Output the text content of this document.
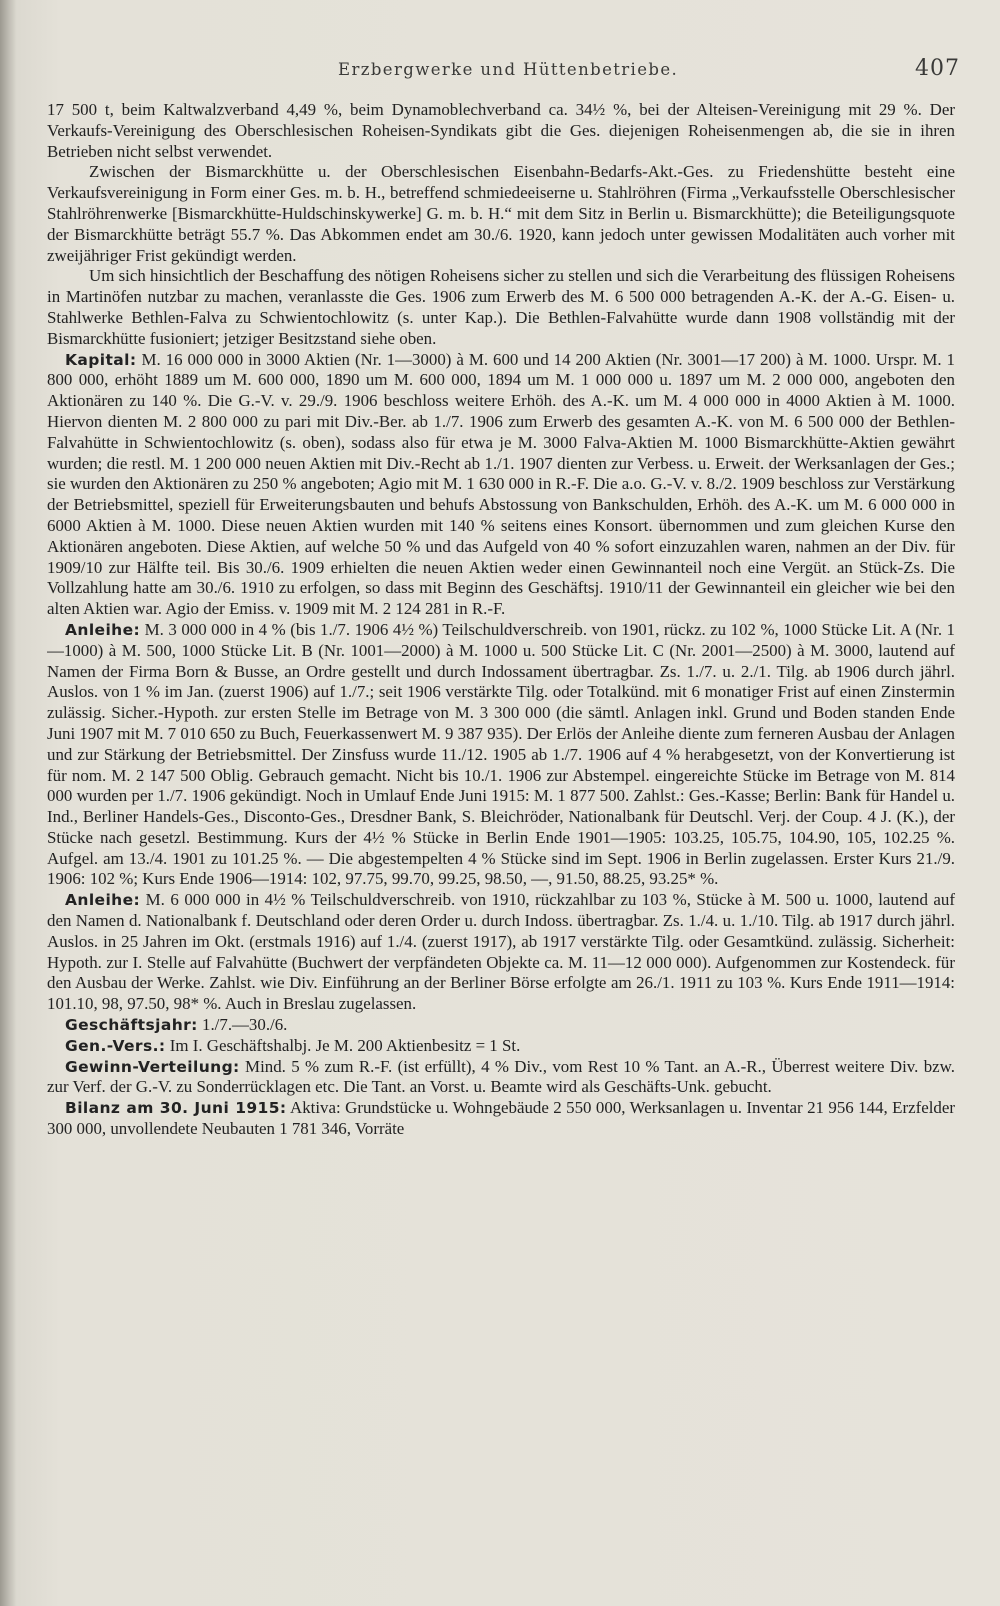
Erzbergwerke und Hüttenbetriebe.	407

17 500 t, beim Kaltwalzverband 4,49 %, beim Dynamoblechverband ca. 34½ %, bei der Alteisen-Vereinigung mit 29 %. Der Verkaufs-Vereinigung des Oberschlesischen Roheisen-Syndikats gibt die Ges. diejenigen Roheisenmengen ab, die sie in ihren Betrieben nicht selbst verwendet.

Zwischen der Bismarckhütte u. der Oberschlesischen Eisenbahn-Bedarfs-Akt.-Ges. zu Friedenshütte besteht eine Verkaufsvereinigung in Form einer Ges. m. b. H., betreffend schmiedeeiserne u. Stahlröhren (Firma „Verkaufsstelle Oberschlesischer Stahlröhrenwerke [Bismarckhütte-Huldschinskywerke] G. m. b. H.“ mit dem Sitz in Berlin u. Bismarckhütte); die Beteiligungsquote der Bismarckhütte beträgt 55.7 %. Das Abkommen endet am 30./6. 1920, kann jedoch unter gewissen Modalitäten auch vorher mit zweijähriger Frist gekündigt werden.

Um sich hinsichtlich der Beschaffung des nötigen Roheisens sicher zu stellen und sich die Verarbeitung des flüssigen Roheisens in Martinöfen nutzbar zu machen, veranlasste die Ges. 1906 zum Erwerb des M. 6 500 000 betragenden A.-K. der A.-G. Eisen- u. Stahlwerke Bethlen-Falva zu Schwientochlowitz (s. unter Kap.). Die Bethlen-Falvahütte wurde dann 1908 vollständig mit der Bismarckhütte fusioniert; jetziger Besitzstand siehe oben.

Kapital: M. 16 000 000 in 3000 Aktien (Nr. 1—3000) à M. 600 und 14 200 Aktien (Nr. 3001—17 200) à M. 1000. Urspr. M. 1 800 000, erhöht 1889 um M. 600 000, 1890 um M. 600 000, 1894 um M. 1 000 000 u. 1897 um M. 2 000 000, angeboten den Aktionären zu 140 %. Die G.-V. v. 29./9. 1906 beschloss weitere Erhöh. des A.-K. um M. 4 000 000 in 4000 Aktien à M. 1000. Hiervon dienten M. 2 800 000 zu pari mit Div.-Ber. ab 1./7. 1906 zum Erwerb des gesamten A.-K. von M. 6 500 000 der Bethlen-Falvahütte in Schwientochlowitz (s. oben), sodass also für etwa je M. 3000 Falva-Aktien M. 1000 Bismarckhütte-Aktien gewährt wurden; die restl. M. 1 200 000 neuen Aktien mit Div.-Recht ab 1./1. 1907 dienten zur Verbess. u. Erweit. der Werksanlagen der Ges.; sie wurden den Aktionären zu 250 % angeboten; Agio mit M. 1 630 000 in R.-F. Die a.o. G.-V. v. 8./2. 1909 beschloss zur Verstärkung der Betriebsmittel, speziell für Erweiterungsbauten und behufs Abstossung von Bankschulden, Erhöh. des A.-K. um M. 6 000 000 in 6000 Aktien à M. 1000. Diese neuen Aktien wurden mit 140 % seitens eines Konsort. übernommen und zum gleichen Kurse den Aktionären angeboten. Diese Aktien, auf welche 50 % und das Aufgeld von 40 % sofort einzuzahlen waren, nahmen an der Div. für 1909/10 zur Hälfte teil. Bis 30./6. 1909 erhielten die neuen Aktien weder einen Gewinnanteil noch eine Vergüt. an Stück-Zs. Die Vollzahlung hatte am 30./6. 1910 zu erfolgen, so dass mit Beginn des Geschäftsj. 1910/11 der Gewinnanteil ein gleicher wie bei den alten Aktien war. Agio der Emiss. v. 1909 mit M. 2 124 281 in R.-F.

Anleihe: M. 3 000 000 in 4 % (bis 1./7. 1906 4½ %) Teilschuldverschreib. von 1901, rückz. zu 102 %, 1000 Stücke Lit. A (Nr. 1—1000) à M. 500, 1000 Stücke Lit. B (Nr. 1001—2000) à M. 1000 u. 500 Stücke Lit. C (Nr. 2001—2500) à M. 3000, lautend auf Namen der Firma Born & Busse, an Ordre gestellt und durch Indossament übertragbar. Zs. 1./7. u. 2./1. Tilg. ab 1906 durch jährl. Auslos. von 1 % im Jan. (zuerst 1906) auf 1./7.; seit 1906 verstärkte Tilg. oder Totalkünd. mit 6 monatiger Frist auf einen Zinstermin zulässig. Sicher.-Hypoth. zur ersten Stelle im Betrage von M. 3 300 000 (die sämtl. Anlagen inkl. Grund und Boden standen Ende Juni 1907 mit M. 7 010 650 zu Buch, Feuerkassenwert M. 9 387 935). Der Erlös der Anleihe diente zum ferneren Ausbau der Anlagen und zur Stärkung der Betriebsmittel. Der Zinsfuss wurde 11./12. 1905 ab 1./7. 1906 auf 4 % herabgesetzt, von der Konvertierung ist für nom. M. 2 147 500 Oblig. Gebrauch gemacht. Nicht bis 10./1. 1906 zur Abstempel. eingereichte Stücke im Betrage von M. 814 000 wurden per 1./7. 1906 gekündigt. Noch in Umlauf Ende Juni 1915: M. 1 877 500. Zahlst.: Ges.-Kasse; Berlin: Bank für Handel u. Ind., Berliner Handels-Ges., Disconto-Ges., Dresdner Bank, S. Bleichröder, Nationalbank für Deutschl. Verj. der Coup. 4 J. (K.), der Stücke nach gesetzl. Bestimmung. Kurs der 4½ % Stücke in Berlin Ende 1901—1905: 103.25, 105.75, 104.90, 105, 102.25 %. Aufgel. am 13./4. 1901 zu 101.25 %. — Die abgestempelten 4 % Stücke sind im Sept. 1906 in Berlin zugelassen. Erster Kurs 21./9. 1906: 102 %; Kurs Ende 1906—1914: 102, 97.75, 99.70, 99.25, 98.50, —, 91.50, 88.25, 93.25* %.

Anleihe: M. 6 000 000 in 4½ % Teilschuldverschreib. von 1910, rückzahlbar zu 103 %, Stücke à M. 500 u. 1000, lautend auf den Namen d. Nationalbank f. Deutschland oder deren Order u. durch Indoss. übertragbar. Zs. 1./4. u. 1./10. Tilg. ab 1917 durch jährl. Auslos. in 25 Jahren im Okt. (erstmals 1916) auf 1./4. (zuerst 1917), ab 1917 verstärkte Tilg. oder Gesamtkünd. zulässig. Sicherheit: Hypoth. zur I. Stelle auf Falvahütte (Buchwert der verpfändeten Objekte ca. M. 11—12 000 000). Aufgenommen zur Kostendeck. für den Ausbau der Werke. Zahlst. wie Div. Einführung an der Berliner Börse erfolgte am 26./1. 1911 zu 103 %. Kurs Ende 1911—1914: 101.10, 98, 97.50, 98* %. Auch in Breslau zugelassen.

Geschäftsjahr: 1./7.—30./6.

Gen.-Vers.: Im I. Geschäftshalbj. Je M. 200 Aktienbesitz = 1 St.

Gewinn-Verteilung: Mind. 5 % zum R.-F. (ist erfüllt), 4 % Div., vom Rest 10 % Tant. an A.-R., Überrest weitere Div. bzw. zur Verf. der G.-V. zu Sonderrücklagen etc. Die Tant. an Vorst. u. Beamte wird als Geschäfts-Unk. gebucht.

Bilanz am 30. Juni 1915: Aktiva: Grundstücke u. Wohngebäude 2 550 000, Werksanlagen u. Inventar 21 956 144, Erzfelder 300 000, unvollendete Neubauten 1 781 346, Vorräte
